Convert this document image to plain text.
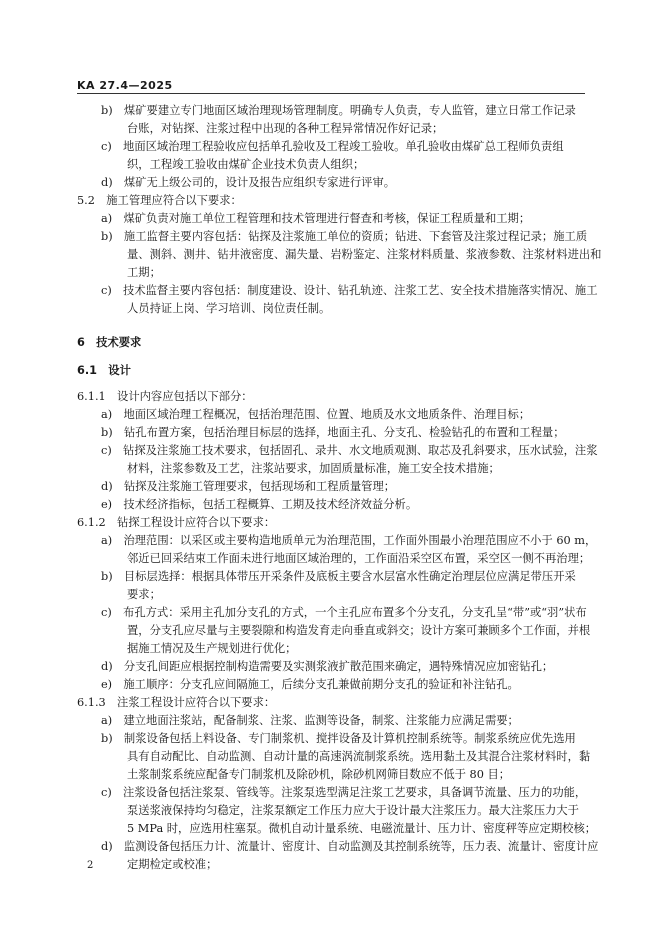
KA 27.4—2025
b)　煤矿要建立专门地面区域治理现场管理制度。明确专人负责，专人监管，建立日常工作记录
台账，对钻探、注浆过程中出现的各种工程异常情况作好记录；
c)　地面区域治理工程验收应包括单孔验收及工程竣工验收。单孔验收由煤矿总工程师负责组
织，工程竣工验收由煤矿企业技术负责人组织；
d)　煤矿无上级公司的，设计及报告应组织专家进行评审。
5.2　施工管理应符合以下要求：
a)　煤矿负责对施工单位工程管理和技术管理进行督查和考核，保证工程质量和工期；
b)　施工监督主要内容包括：钻探及注浆施工单位的资质；钻进、下套管及注浆过程记录；施工质
量、测斜、测井、钻井液密度、漏失量、岩粉鉴定、注浆材料质量、浆液参数、注浆材料进出和
工期；
c)　技术监督主要内容包括：制度建设、设计、钻孔轨迹、注浆工艺、安全技术措施落实情况、施工
人员持证上岗、学习培训、岗位责任制。
6　技术要求
6.1　设计
6.1.1　设计内容应包括以下部分：
a)　地面区域治理工程概况，包括治理范围、位置、地质及水文地质条件、治理目标；
b)　钻孔布置方案，包括治理目标层的选择，地面主孔、分支孔、检验钻孔的布置和工程量；
c)　钻探及注浆施工技术要求，包括固孔、录井、水文地质观测、取芯及孔斜要求，压水试验，注浆
材料，注浆参数及工艺，注浆站要求，加固质量标准，施工安全技术措施；
d)　钻探及注浆施工管理要求，包括现场和工程质量管理；
e)　技术经济指标，包括工程概算、工期及技术经济效益分析。
6.1.2　钻探工程设计应符合以下要求：
a)　治理范围：以采区或主要构造地质单元为治理范围，工作面外围最小治理范围应不小于 60 m，
邻近已回采结束工作面未进行地面区域治理的，工作面沿采空区布置，采空区一侧不再治理；
b)　目标层选择：根据具体带压开采条件及底板主要含水层富水性确定治理层位应满足带压开采
要求；
c)　布孔方式：采用主孔加分支孔的方式，一个主孔应布置多个分支孔，分支孔呈“带”或“羽”状布
置，分支孔应尽量与主要裂隙和构造发育走向垂直或斜交；设计方案可兼顾多个工作面，并根
据施工情况及生产规划进行优化；
d)　分支孔间距应根据控制构造需要及实测浆液扩散范围来确定，遇特殊情况应加密钻孔；
e)　施工顺序：分支孔应间隔施工，后续分支孔兼做前期分支孔的验证和补注钻孔。
6.1.3　注浆工程设计应符合以下要求：
a)　建立地面注浆站，配备制浆、注浆、监测等设备，制浆、注浆能力应满足需要；
b)　制浆设备包括上料设备、专门制浆机、搅拌设备及计算机控制系统等。制浆系统应优先选用
具有自动配比、自动监测、自动计量的高速涡流制浆系统。选用黏土及其混合注浆材料时，黏
土浆制浆系统应配备专门制浆机及除砂机，除砂机网筛目数应不低于 80 目；
c)　注浆设备包括注浆泵、管线等。注浆泵选型满足注浆工艺要求，具备调节流量、压力的功能，
泵送浆液保持均匀稳定，注浆泵额定工作压力应大于设计最大注浆压力。最大注浆压力大于
5 MPa 时，应选用柱塞泵。微机自动计量系统、电磁流量计、压力计、密度秤等应定期校核；
d)　监测设备包括压力计、流量计、密度计、自动监测及其控制系统等，压力表、流量计、密度计应
定期检定或校准；
2
